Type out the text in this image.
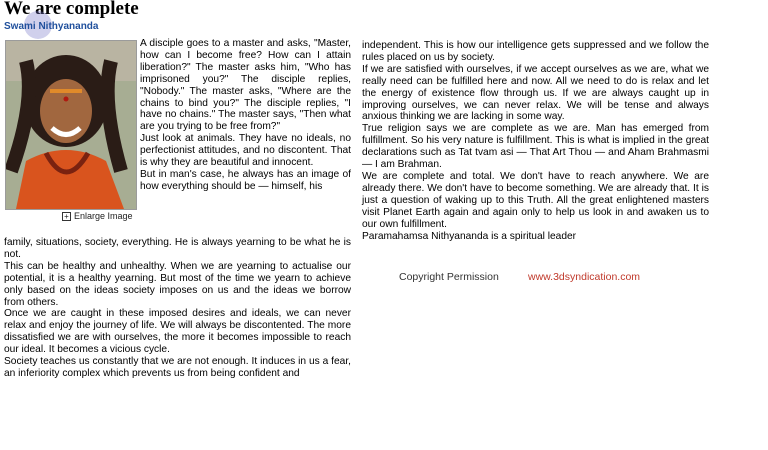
We are complete
Swami Nithyananda
+ Enlarge Image

A disciple goes to a master and asks, "Master, how can I become free? How can I attain liberation?" The master asks him, "Who has imprisoned you?" The disciple replies, "Nobody." The master asks, "Where are the chains to bind you?" The disciple replies, "I have no chains." The master says, "Then what are you trying to be free from?"

Just look at animals. They have no ideals, no perfectionist attitudes, and no discontent. That is why they are beautiful and innocent.

But in man's case, he always has an image of how everything should be — himself, his

family, situations, society, everything. He is always yearning to be what he is not.

This can be healthy and unhealthy. When we are yearning to actualise our potential, it is a healthy yearning. But most of the time we yearn to achieve only based on the ideas society imposes on us and the ideas we borrow from others.

Once we are caught in these imposed desires and ideals, we can never relax and enjoy the journey of life. We will always be discontented. The more dissatisfied we are with ourselves, the more it becomes impossible to reach our ideal. It becomes a vicious cycle.

Society teaches us constantly that we are not enough. It induces in us a fear, an inferiority complex which prevents us from being confident and

independent. This is how our intelligence gets suppressed and we follow the rules placed on us by society.

If we are satisfied with ourselves, if we accept ourselves as we are, what we really need can be fulfilled here and now. All we need to do is relax and let the energy of existence flow through us. If we are always caught up in improving ourselves, we can never relax. We will be tense and always anxious thinking we are lacking in some way.

True religion says we are complete as we are. Man has emerged from fulfillment. So his very nature is fulfillment. This is what is implied in the great declarations such as Tat tvam asi — That Art Thou — and Aham Brahmasmi — I am Brahman.

We are complete and total. We don't have to reach anywhere. We are already there. We don't have to become something. We are already that. It is just a question of waking up to this Truth. All the great enlightened masters visit Planet Earth again and again only to help us look in and awaken us to our own fulfillment.

Paramahamsa Nithyananda is a spiritual leader

Copyright Permission	www.3dsyndication.com
